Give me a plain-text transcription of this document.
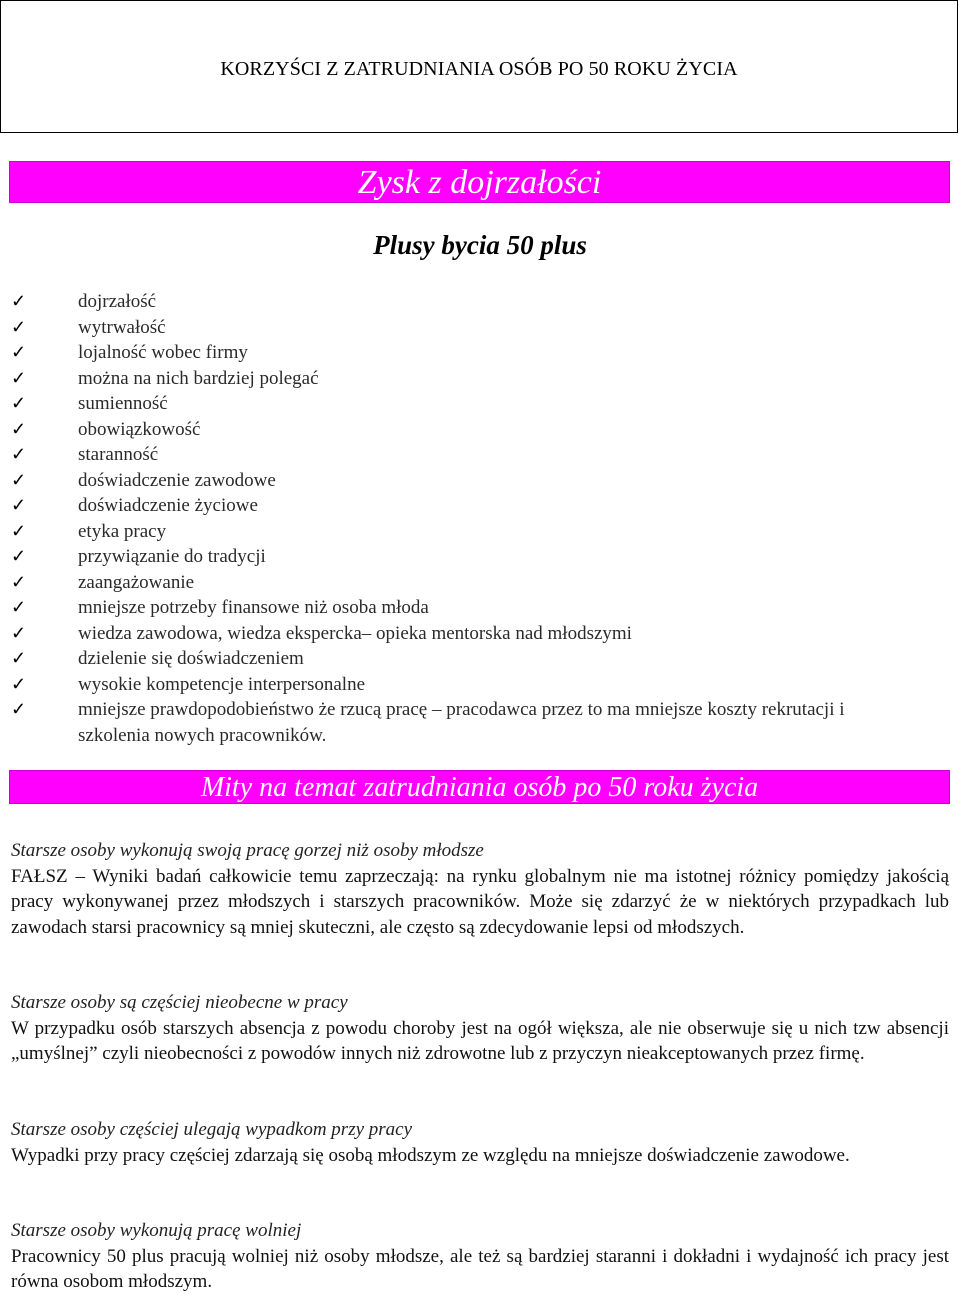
KORZYŚCI Z ZATRUDNIANIA OSÓB PO 50 ROKU ŻYCIA
Zysk z dojrzałości
Plusy bycia 50 plus
✓	dojrzałość
✓	wytrwałość
✓	lojalność wobec firmy
✓	można na nich bardziej polegać
✓	sumienność
✓	obowiązkowość
✓	staranność
✓	doświadczenie zawodowe
✓	doświadczenie życiowe
✓	etyka pracy
✓	przywiązanie do tradycji
✓	zaangażowanie
✓	mniejsze potrzeby finansowe niż osoba młoda
✓	wiedza zawodowa, wiedza ekspercka– opieka mentorska nad młodszymi
✓	dzielenie się doświadczeniem
✓	wysokie kompetencje interpersonalne
✓	mniejsze prawdopodobieństwo że rzucą pracę – pracodawca przez to ma mniejsze koszty rekrutacji i szkolenia nowych pracowników.
Mity na temat zatrudniania osób po 50 roku życia
Starsze osoby wykonują swoją pracę gorzej niż osoby młodsze
FAŁSZ – Wyniki badań całkowicie temu zaprzeczają: na rynku globalnym nie ma istotnej różnicy pomiędzy jakością pracy wykonywanej przez młodszych i starszych pracowników. Może się zdarzyć że w niektórych przypadkach lub zawodach starsi pracownicy są mniej skuteczni, ale często są zdecydowanie lepsi od młodszych.
Starsze osoby są częściej nieobecne w pracy
W przypadku osób starszych absencja z powodu choroby jest na ogół większa, ale nie obserwuje się u nich tzw absencji „umyślnej” czyli nieobecności z powodów innych niż zdrowotne lub z przyczyn nieakceptowanych przez firmę.
Starsze osoby częściej ulegają wypadkom przy pracy
Wypadki przy pracy częściej zdarzają się osobą młodszym ze względu na mniejsze doświadczenie zawodowe.
Starsze osoby wykonują pracę wolniej
Pracownicy 50 plus pracują wolniej niż osoby młodsze, ale też są bardziej staranni i dokładni i wydajność ich pracy jest równa osobom młodszym.
